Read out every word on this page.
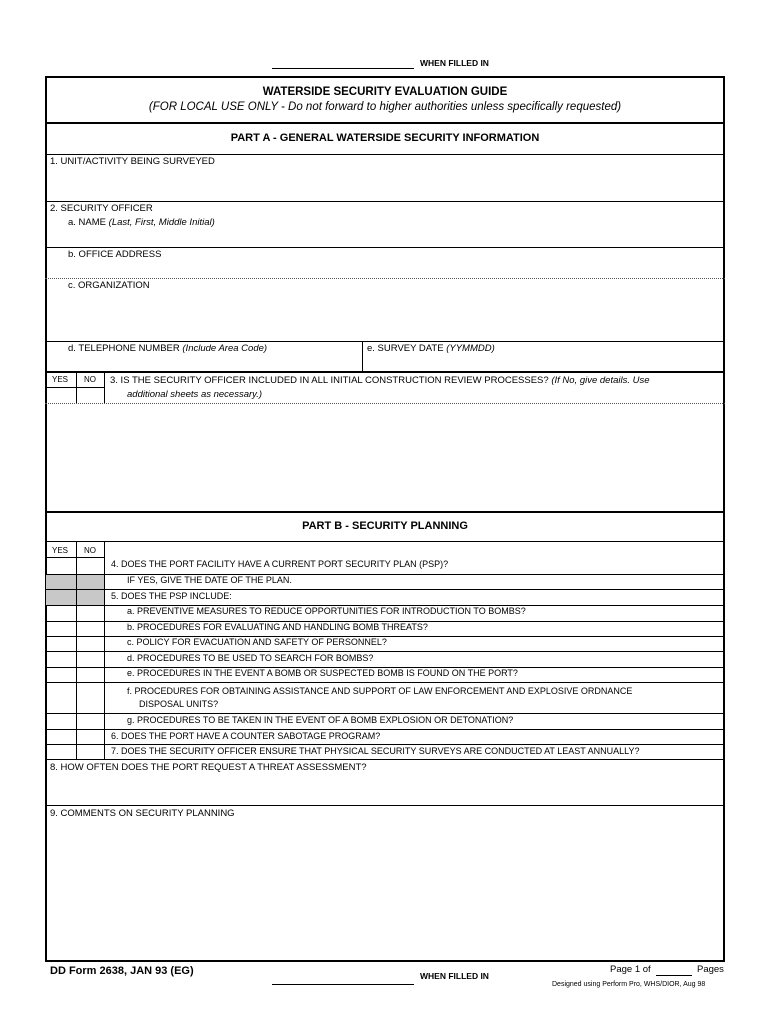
WHEN FILLED IN
WATERSIDE SECURITY EVALUATION GUIDE
(FOR LOCAL USE ONLY - Do not forward to higher authorities unless specifically requested)
PART A - GENERAL WATERSIDE SECURITY INFORMATION
1. UNIT/ACTIVITY BEING SURVEYED
2. SECURITY OFFICER
a. NAME (Last, First, Middle Initial)
b. OFFICE ADDRESS
c. ORGANIZATION
d. TELEPHONE NUMBER (Include Area Code)	e. SURVEY DATE (YYMMDD)
YES NO 3. IS THE SECURITY OFFICER INCLUDED IN ALL INITIAL CONSTRUCTION REVIEW PROCESSES? (If No, give details. Use
additional sheets as necessary.)
PART B - SECURITY PLANNING
YES NO
4. DOES THE PORT FACILITY HAVE A CURRENT PORT SECURITY PLAN (PSP)?
IF YES, GIVE THE DATE OF THE PLAN.
5. DOES THE PSP INCLUDE:
a. PREVENTIVE MEASURES TO REDUCE OPPORTUNITIES FOR INTRODUCTION TO BOMBS?
b. PROCEDURES FOR EVALUATING AND HANDLING BOMB THREATS?
c. POLICY FOR EVACUATION AND SAFETY OF PERSONNEL?
d. PROCEDURES TO BE USED TO SEARCH FOR BOMBS?
e. PROCEDURES IN THE EVENT A BOMB OR SUSPECTED BOMB IS FOUND ON THE PORT?
f. PROCEDURES FOR OBTAINING ASSISTANCE AND SUPPORT OF LAW ENFORCEMENT AND EXPLOSIVE ORDNANCE
DISPOSAL UNITS?
g. PROCEDURES TO BE TAKEN IN THE EVENT OF A BOMB EXPLOSION OR DETONATION?
6. DOES THE PORT HAVE A COUNTER SABOTAGE PROGRAM?
7. DOES THE SECURITY OFFICER ENSURE THAT PHYSICAL SECURITY SURVEYS ARE CONDUCTED AT LEAST ANNUALLY?
8. HOW OFTEN DOES THE PORT REQUEST A THREAT ASSESSMENT?
9. COMMENTS ON SECURITY PLANNING
DD Form 2638, JAN 93 (EG)	WHEN FILLED IN
Page 1 of	Pages
Designed using Perform Pro, WHS/DIOR, Aug 98
